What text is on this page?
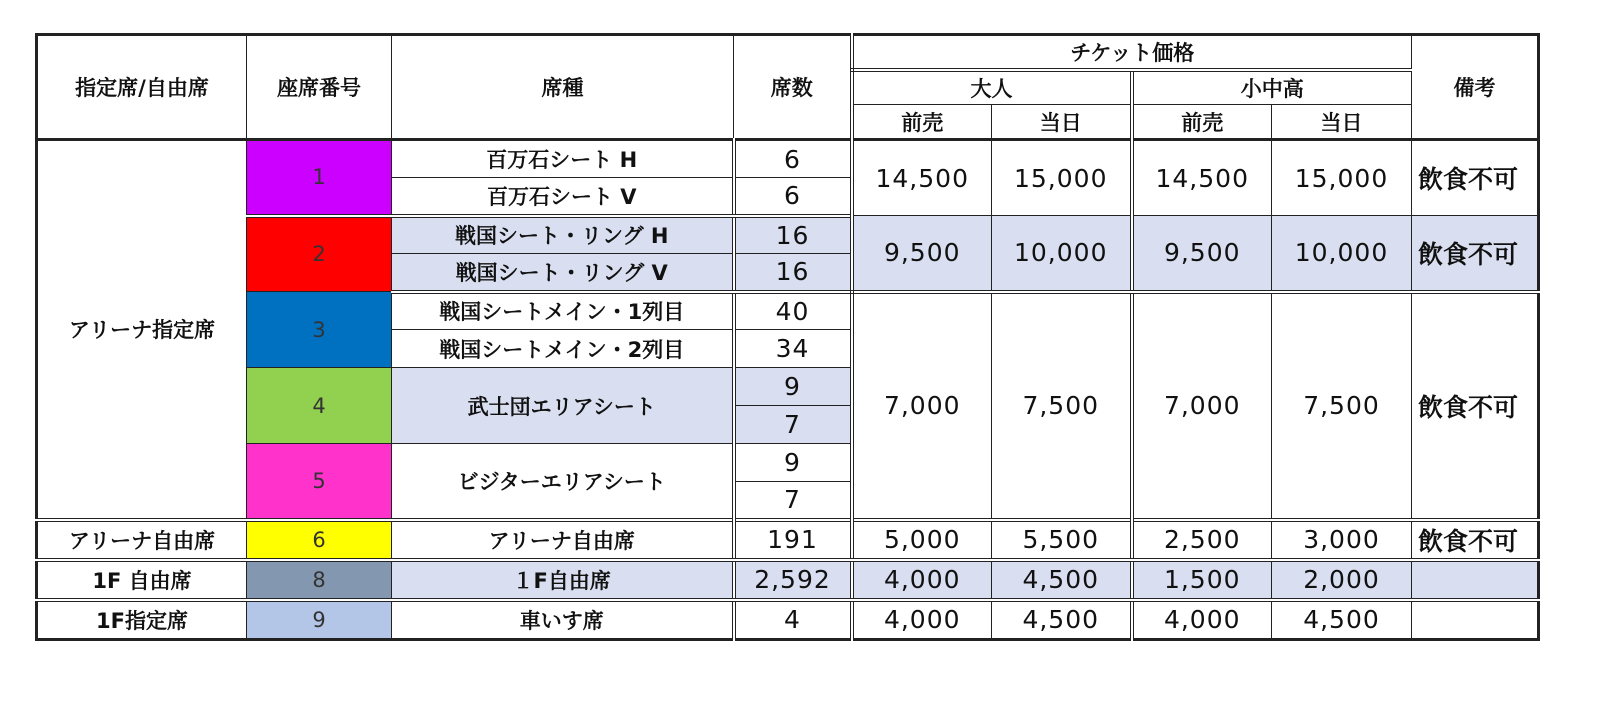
指定席/自由席	座席番号	席種	席数	チケット価格				備考
				大人		小中高		
				前売	当日	前売	当日	
アリーナ指定席	1	百万石シート H	6	14,500	15,000	14,500	15,000	飲食不可
		百万石シート V	6					
	2	戦国シート・リング H	16	9,500	10,000	9,500	10,000	飲食不可
		戦国シート・リング V	16					
	3	戦国シートメイン・1列目	40	7,000	7,500	7,000	7,500	飲食不可
		戦国シートメイン・2列目	34					
	4	武士団エリアシート	9					
			7					
	5	ビジターエリアシート	9					
			7					
アリーナ自由席	6	アリーナ自由席	191	5,000	5,500	2,500	3,000	飲食不可
1F 自由席	8	１F自由席	2,592	4,000	4,500	1,500	2,000	
1F指定席	9	車いす席	4	4,000	4,500	4,000	4,500	
